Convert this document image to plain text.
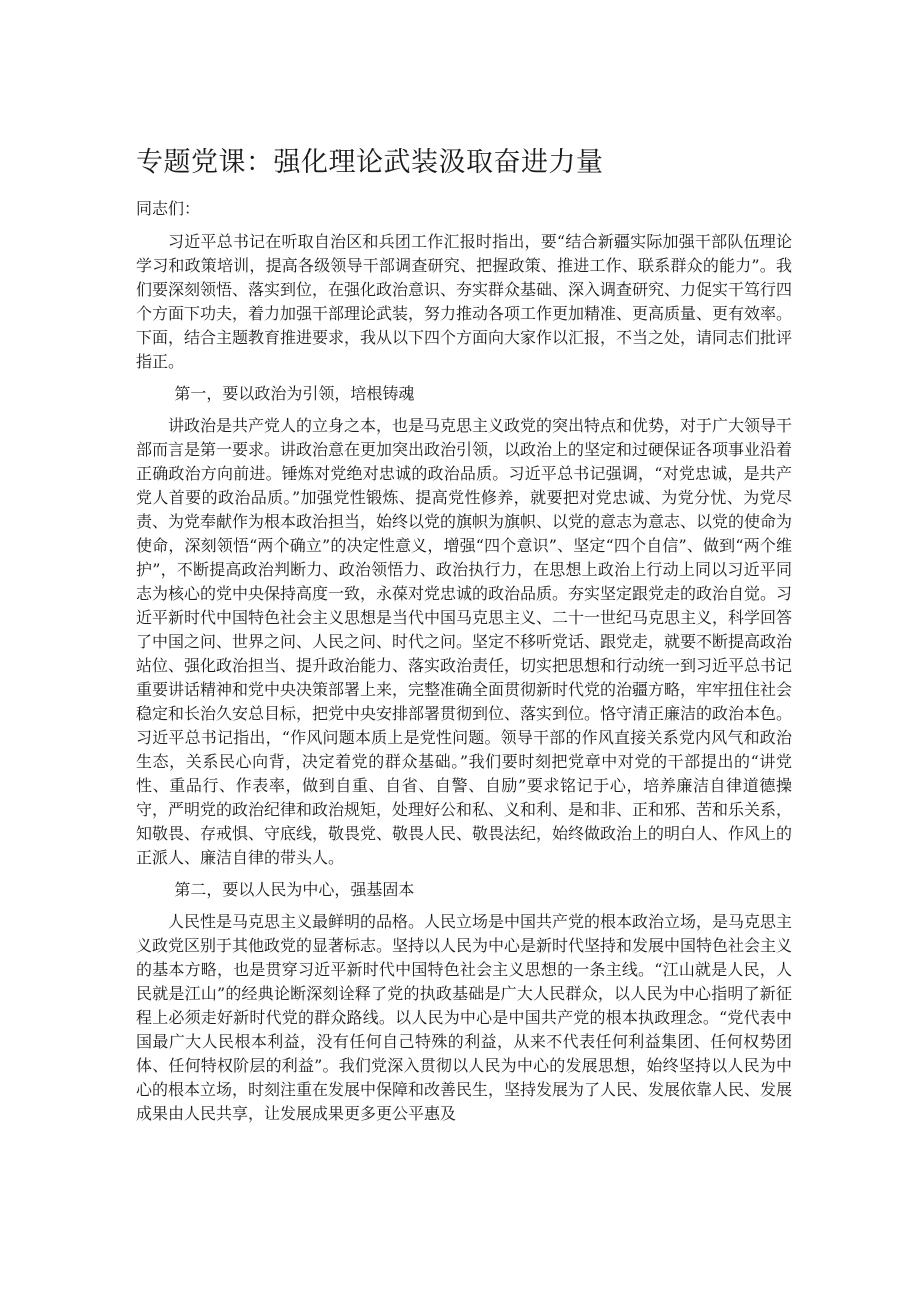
专题党课：强化理论武装汲取奋进力量

同志们：

习近平总书记在听取自治区和兵团工作汇报时指出，要“结合新疆实际加强干部队伍理论学习和政策培训，提高各级领导干部调查研究、把握政策、推进工作、联系群众的能力”。我们要深刻领悟、落实到位，在强化政治意识、夯实群众基础、深入调查研究、力促实干笃行四个方面下功夫，着力加强干部理论武装，努力推动各项工作更加精准、更高质量、更有效率。下面，结合主题教育推进要求，我从以下四个方面向大家作以汇报，不当之处，请同志们批评指正。

第一，要以政治为引领，培根铸魂

讲政治是共产党人的立身之本，也是马克思主义政党的突出特点和优势，对于广大领导干部而言是第一要求。讲政治意在更加突出政治引领，以政治上的坚定和过硬保证各项事业沿着正确政治方向前进。锤炼对党绝对忠诚的政治品质。习近平总书记强调，“对党忠诚，是共产党人首要的政治品质。”加强党性锻炼、提高党性修养，就要把对党忠诚、为党分忧、为党尽责、为党奉献作为根本政治担当，始终以党的旗帜为旗帜、以党的意志为意志、以党的使命为使命，深刻领悟“两个确立”的决定性意义，增强“四个意识”、坚定“四个自信”、做到“两个维护”，不断提高政治判断力、政治领悟力、政治执行力，在思想上政治上行动上同以习近平同志为核心的党中央保持高度一致，永葆对党忠诚的政治品质。夯实坚定跟党走的政治自觉。习近平新时代中国特色社会主义思想是当代中国马克思主义、二十一世纪马克思主义，科学回答了中国之问、世界之问、人民之问、时代之问。坚定不移听党话、跟党走，就要不断提高政治站位、强化政治担当、提升政治能力、落实政治责任，切实把思想和行动统一到习近平总书记重要讲话精神和党中央决策部署上来，完整准确全面贯彻新时代党的治疆方略，牢牢扭住社会稳定和长治久安总目标，把党中央安排部署贯彻到位、落实到位。恪守清正廉洁的政治本色。习近平总书记指出，“作风问题本质上是党性问题。领导干部的作风直接关系党内风气和政治生态，关系民心向背，决定着党的群众基础。”我们要时刻把党章中对党的干部提出的“讲党性、重品行、作表率，做到自重、自省、自警、自励”要求铭记于心，培养廉洁自律道德操守，严明党的政治纪律和政治规矩，处理好公和私、义和利、是和非、正和邪、苦和乐关系，知敬畏、存戒惧、守底线，敬畏党、敬畏人民、敬畏法纪，始终做政治上的明白人、作风上的正派人、廉洁自律的带头人。

第二，要以人民为中心，强基固本

人民性是马克思主义最鲜明的品格。人民立场是中国共产党的根本政治立场，是马克思主义政党区别于其他政党的显著标志。坚持以人民为中心是新时代坚持和发展中国特色社会主义的基本方略，也是贯穿习近平新时代中国特色社会主义思想的一条主线。“江山就是人民，人民就是江山”的经典论断深刻诠释了党的执政基础是广大人民群众，以人民为中心指明了新征程上必须走好新时代党的群众路线。以人民为中心是中国共产党的根本执政理念。“党代表中国最广大人民根本利益，没有任何自己特殊的利益，从来不代表任何利益集团、任何权势团体、任何特权阶层的利益”。我们党深入贯彻以人民为中心的发展思想，始终坚持以人民为中心的根本立场，时刻注重在发展中保障和改善民生，坚持发展为了人民、发展依靠人民、发展成果由人民共享，让发展成果更多更公平惠及
